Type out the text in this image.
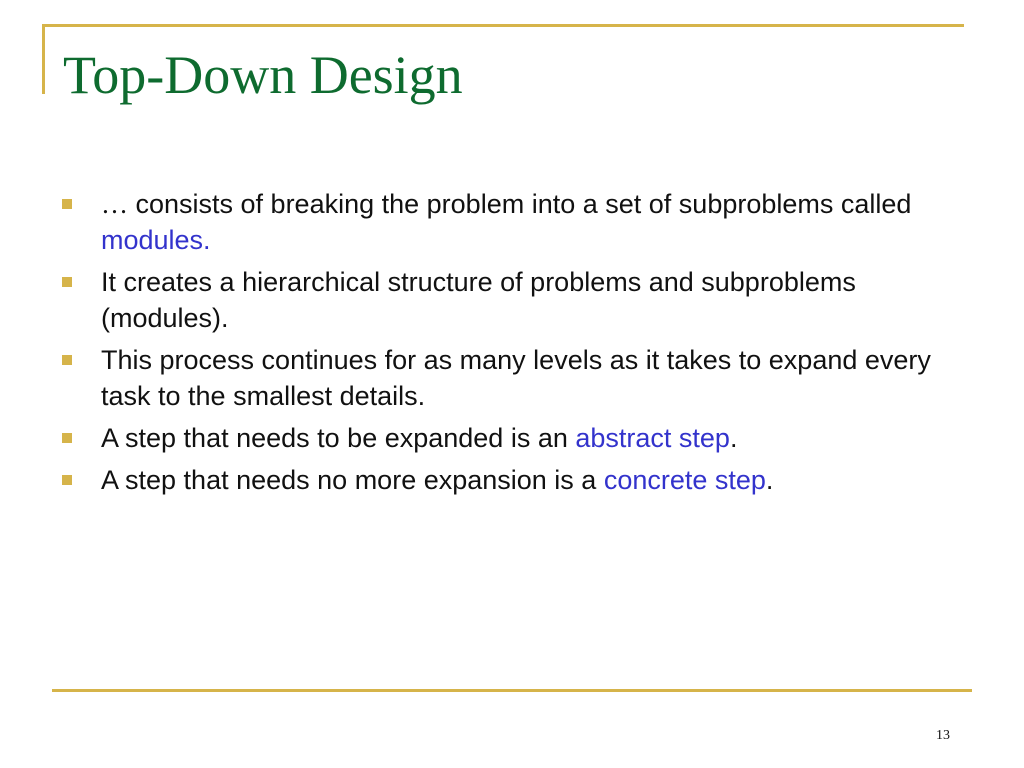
Top-Down Design
… consists of breaking the problem into a set of subproblems called modules.
It creates a hierarchical structure of problems and subproblems (modules).
This process continues for as many levels as it takes to expand every task to the smallest details.
A step that needs to be expanded is an abstract step.
A step that needs no more expansion is a concrete step.
13
